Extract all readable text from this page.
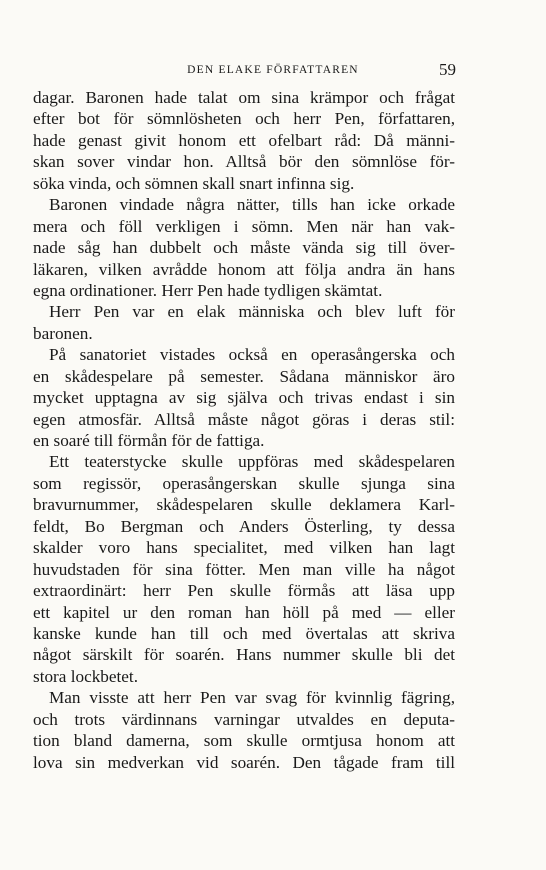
DEN ELAKE FÖRFATTAREN	59
dagar. Baronen hade talat om sina krämpor och frågat
efter bot för sömnlösheten och herr Pen, författaren,
hade genast givit honom ett ofelbart råd: Då männi-
skan sover vindar hon. Alltså bör den sömnlöse för-
söka vinda, och sömnen skall snart infinna sig.
Baronen vindade några nätter, tills han icke orkade
mera och föll verkligen i sömn. Men när han vak-
nade såg han dubbelt och måste vända sig till över-
läkaren, vilken avrådde honom att följa andra än hans
egna ordinationer. Herr Pen hade tydligen skämtat.
Herr Pen var en elak människa och blev luft för
baronen.
På sanatoriet vistades också en operasångerska och
en skådespelare på semester. Sådana människor äro
mycket upptagna av sig själva och trivas endast i sin
egen atmosfär. Alltså måste något göras i deras stil:
en soaré till förmån för de fattiga.
Ett teaterstycke skulle uppföras med skådespelaren
som regissör, operasångerskan skulle sjunga sina
bravurnummer, skådespelaren skulle deklamera Karl-
feldt, Bo Bergman och Anders Österling, ty dessa
skalder voro hans specialitet, med vilken han lagt
huvudstaden för sina fötter. Men man ville ha något
extraordinärt: herr Pen skulle förmås att läsa upp
ett kapitel ur den roman han höll på med — eller
kanske kunde han till och med övertalas att skriva
något särskilt för soarén. Hans nummer skulle bli det
stora lockbetet.
Man visste att herr Pen var svag för kvinnlig fägring,
och trots värdinnans varningar utvaldes en deputa-
tion bland damerna, som skulle ormtjusa honom att
lova sin medverkan vid soarén. Den tågade fram till
